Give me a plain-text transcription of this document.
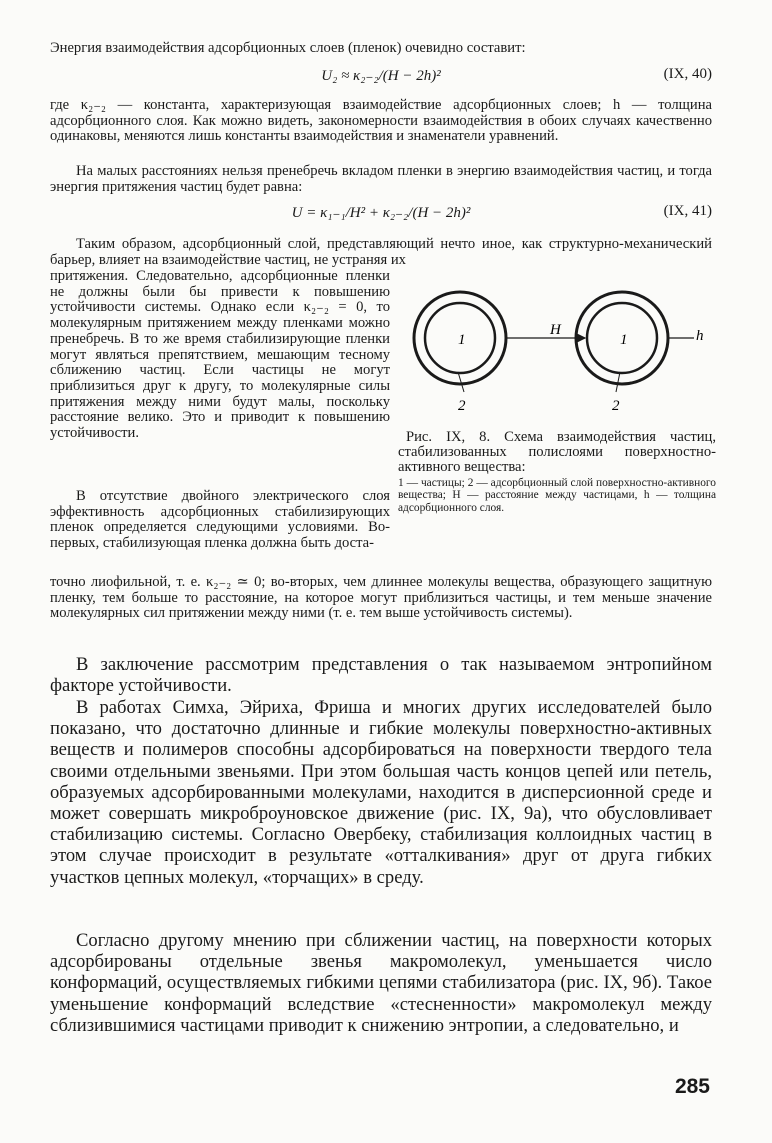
Энергия взаимодействия адсорбционных слоев (пленок) очевидно составит:
U₂ ≈ κ₂₋₂/(H − 2h)²	(IX, 40)
где κ₂₋₂ — константа, характеризующая взаимодействие адсорбционных слоев; h — толщина адсорбционного слоя. Как можно видеть, закономерности взаимодействия в обоих случаях качественно одинаковы, меняются лишь константы взаимодействия и знаменатели уравнений.
На малых расстояниях нельзя пренебречь вкладом пленки в энергию взаимодействия частиц, и тогда энергия притяжения частиц будет равна:
U = κ₁₋₁/H² + κ₂₋₂/(H − 2h)²	(IX, 41)
Таким образом, адсорбционный слой, представляющий нечто иное, как структурно-механический барьер, влияет на взаимодействие частиц, не устраняя их
притяжения. Следовательно, адсорбционные пленки не должны были бы привести к повышению устойчивости системы. Однако если κ₂₋₂ = 0, то молекулярным притяжением между пленками можно пренебречь. В то же время стабилизирующие пленки могут являться препятствием, мешающим тесному сближению частиц. Если частицы не могут приблизиться друг к другу, то молекулярные силы притяжения между ними будут малы, поскольку расстояние велико. Это и приводит к повышению устойчивости.
В отсутствие двойного электрического слоя эффективность адсорбционных стабилизирующих пленок определяется следующими условиями. Во-первых, стабилизующая пленка должна быть доста-
точно лиофильной, т. е. κ₂₋₂ ≃ 0; во-вторых, чем длиннее молекулы вещества, образующего защитную пленку, тем больше то расстояние, на которое могут приблизиться частицы, и тем меньше значение молекулярных сил притяжении между ними (т. е. тем выше устойчивость системы).
1	1
H	h
2	2
Рис. IX, 8. Схема взаимодействия частиц, стабилизованных полислоями поверхностно-активного вещества:
1 — частицы; 2 — адсорбционный слой поверхностно-активного вещества; H — расстояние между частицами, h — толщина адсорбционного слоя.
В заключение рассмотрим представления о так называемом энтропийном факторе устойчивости.
В работах Симха, Эйриха, Фриша и многих других исследователей было показано, что достаточно длинные и гибкие молекулы поверхностно-активных веществ и полимеров способны адсорбироваться на поверхности твердого тела своими отдельными звеньями. При этом большая часть концов цепей или петель, образуемых адсорбированными молекулами, находится в дисперсионной среде и может совершать микроброуновское движение (рис. IX, 9а), что обусловливает стабилизацию системы. Согласно Овербеку, стабилизация коллоидных частиц в этом случае происходит в результате «отталкивания» друг от друга гибких участков цепных молекул, «торчащих» в среду.
Согласно другому мнению при сближении частиц, на поверхности которых адсорбированы отдельные звенья макромолекул, уменьшается число конформаций, осуществляемых гибкими цепями стабилизатора (рис. IX, 9б). Такое уменьшение конформаций вследствие «стесненности» макромолекул между сблизившимися частицами приводит к снижению энтропии, а следовательно, и
285
